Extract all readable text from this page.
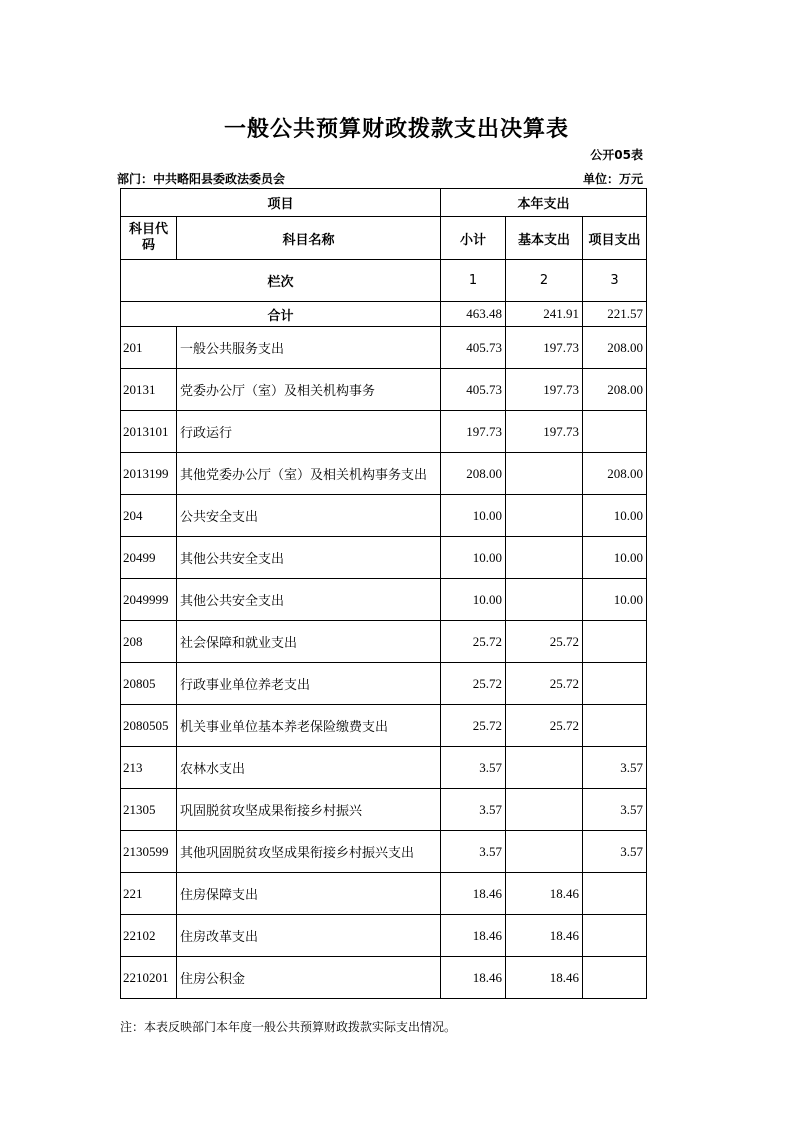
一般公共预算财政拨款支出决算表
公开05表
部门：中共略阳县委政法委员会	单位：万元
项目		本年支出		
科目代码	科目名称	小计	基本支出	项目支出
栏次		1	2	3
合计		463.48	241.91	221.57
201	一般公共服务支出	405.73	197.73	208.00
20131	党委办公厅（室）及相关机构事务	405.73	197.73	208.00
2013101	行政运行	197.73	197.73	
2013199	其他党委办公厅（室）及相关机构事务支出	208.00		208.00
204	公共安全支出	10.00		10.00
20499	其他公共安全支出	10.00		10.00
2049999	其他公共安全支出	10.00		10.00
208	社会保障和就业支出	25.72	25.72	
20805	行政事业单位养老支出	25.72	25.72	
2080505	机关事业单位基本养老保险缴费支出	25.72	25.72	
213	农林水支出	3.57		3.57
21305	巩固脱贫攻坚成果衔接乡村振兴	3.57		3.57
2130599	其他巩固脱贫攻坚成果衔接乡村振兴支出	3.57		3.57
221	住房保障支出	18.46	18.46	
22102	住房改革支出	18.46	18.46	
2210201	住房公积金	18.46	18.46	
注：本表反映部门本年度一般公共预算财政拨款实际支出情况。
